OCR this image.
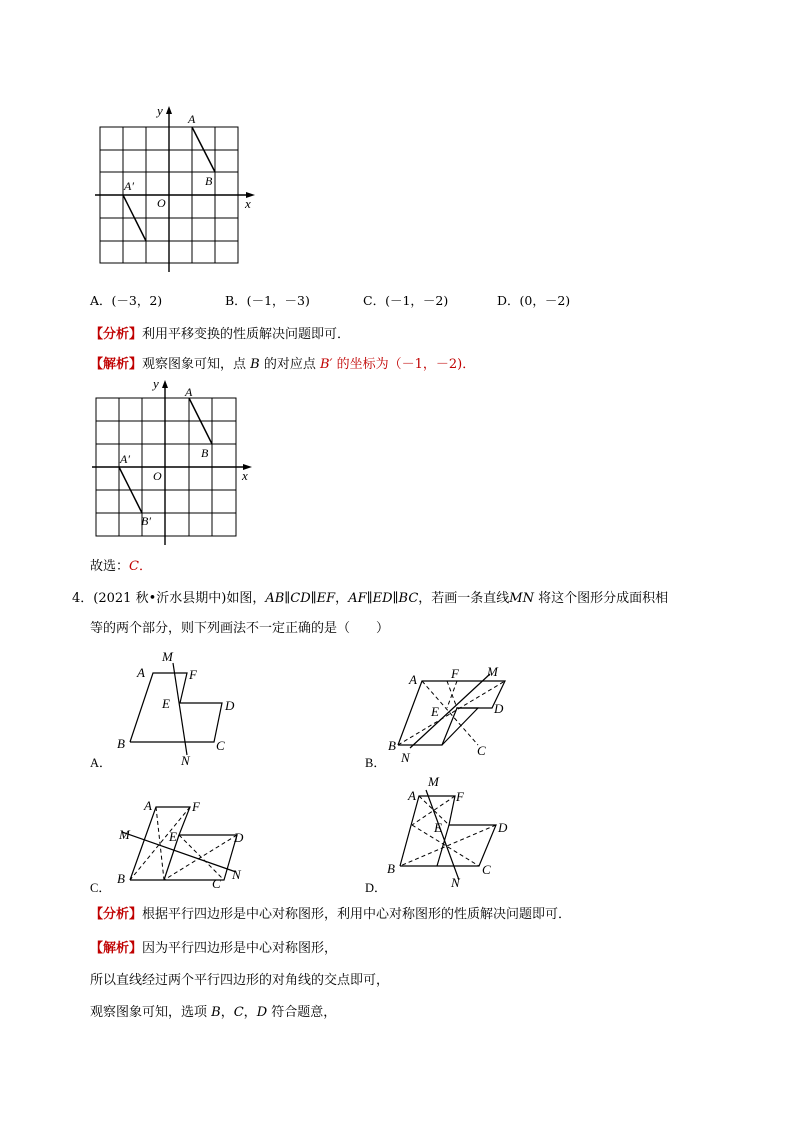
y
x
A
B
A′
O
A．(－3，2)	B．(－1，－3)	C．(－1，－2)	D．(0，－2)
【分析】利用平移变换的性质解决问题即可．
【解析】观察图象可知，点 B 的对应点 B′ 的坐标为（－1，－2)．
y
x
A
B
A′
B′
O
故选：C．
4．(2021 秋•沂水县期中)如图，AB∥CD∥EF，AF∥ED∥BC，若画一条直线MN 将这个图形分成面积相
等的两个部分，则下列画法不一定正确的是（　　）
A
M
F
E	D
B	C
N
A．
A	F M
E	D
B	C
N
B．
A	F
M	E	D
B	C
N
C．
M
A	F
E	D
B	C
N
D．
【分析】根据平行四边形是中心对称图形，利用中心对称图形的性质解决问题即可．
【解析】因为平行四边形是中心对称图形，
所以直线经过两个平行四边形的对角线的交点即可，
观察图象可知，选项 B，C，D 符合题意，
